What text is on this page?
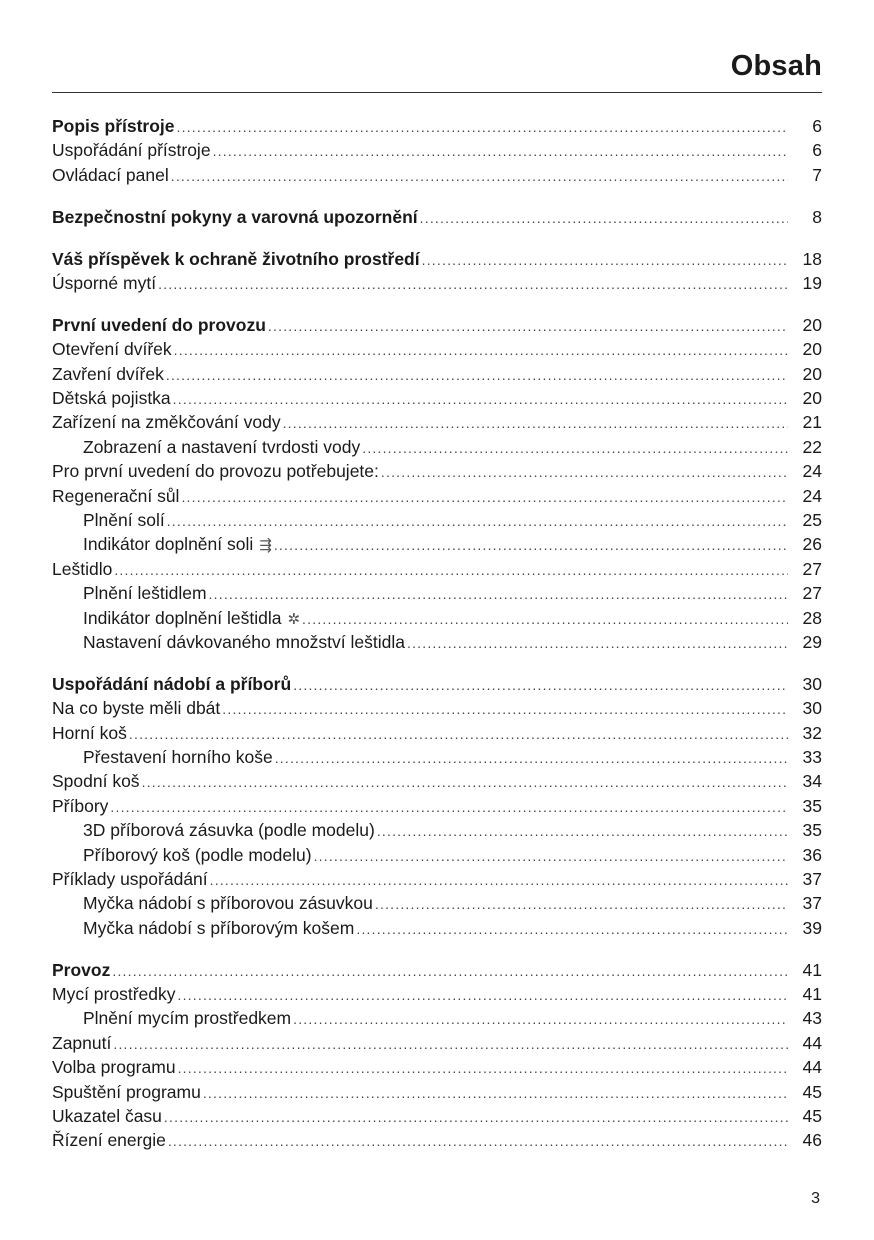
Obsah
Popis přístroje .....	6
Uspořádání přístroje .....	6
Ovládací panel .....	7
Bezpečnostní pokyny a varovná upozornění .....	8
Váš příspěvek k ochraně životního prostředí .....	18
Úsporné mytí .....	19
První uvedení do provozu .....	20
Otevření dvířek .....	20
Zavření dvířek .....	20
Dětská pojistka .....	20
Zařízení na změkčování vody .....	21
Zobrazení a nastavení tvrdosti vody .....	22
Pro první uvedení do provozu potřebujete: .....	24
Regenerační sůl .....	24
Plnění solí .....	25
Indikátor doplnění soli ⇶ .....	26
Leštidlo .....	27
Plnění leštidlem .....	27
Indikátor doplnění leštidla ✲ .....	28
Nastavení dávkovaného množství leštidla .....	29
Uspořádání nádobí a příborů .....	30
Na co byste měli dbát .....	30
Horní koš .....	32
Přestavení horního koše .....	33
Spodní koš .....	34
Příbory .....	35
3D příborová zásuvka (podle modelu) .....	35
Příborový koš (podle modelu) .....	36
Příklady uspořádání .....	37
Myčka nádobí s příborovou zásuvkou .....	37
Myčka nádobí s příborovým košem .....	39
Provoz .....	41
Mycí prostředky .....	41
Plnění mycím prostředkem .....	43
Zapnutí .....	44
Volba programu .....	44
Spuštění programu .....	45
Ukazatel času .....	45
Řízení energie .....	46
3
